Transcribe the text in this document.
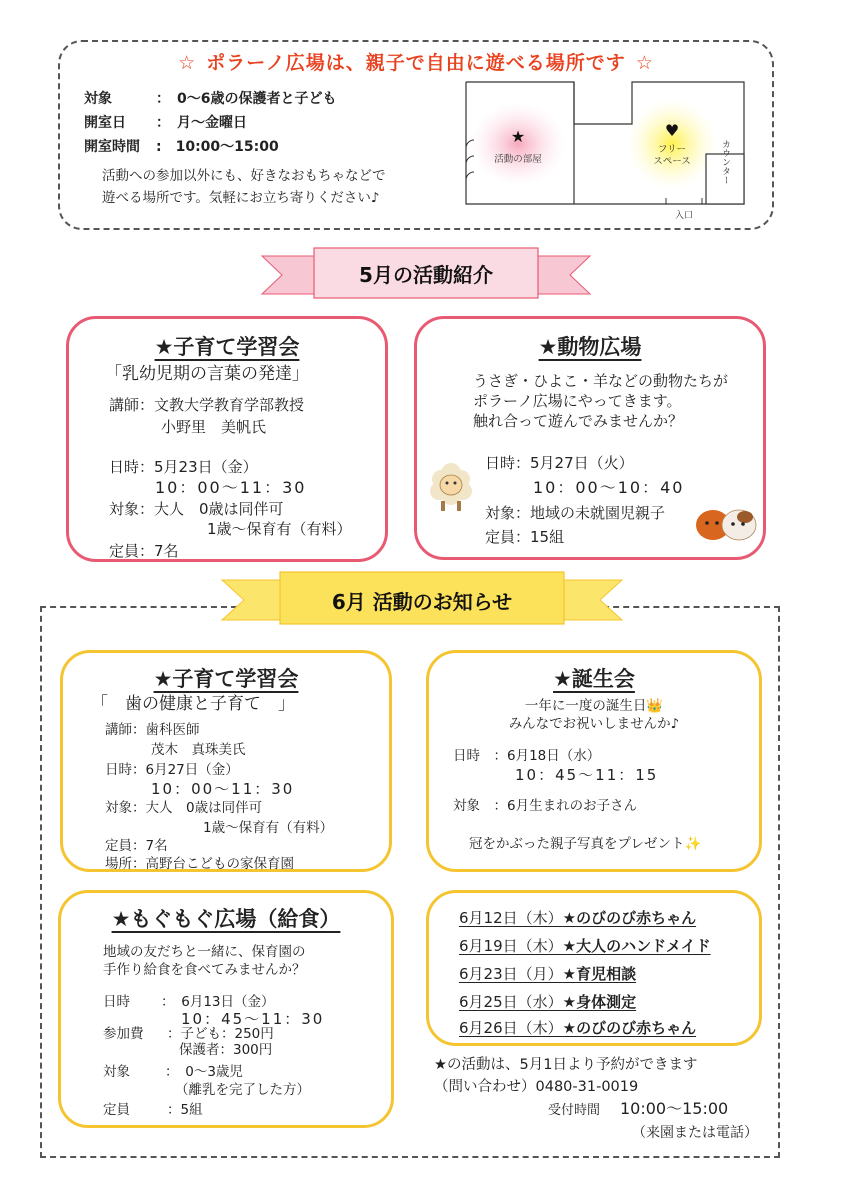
☆ ポラーノ広場は、親子で自由に遊べる場所です ☆
対象	：　0～6歳の保護者と子ども
開室日 ：　月～金曜日
開室時間 :　10:00～15:00
活動への参加以外にも、好きなおもちゃなどで
遊べる場所です。気軽にお立ち寄りください♪
★
活動の部屋
♥
フリー
スペース	カウンター
入口
5月の活動紹介
★子育て学習会
「乳幼児期の言葉の発達」
講師：文教大学教育学部教授
小野里　美帆氏
日時：5月23日（金）
10：00～11：30
対象：大人　0歳は同伴可
1歳～保育有（有料）
定員：7名
★動物広場
うさぎ・ひよこ・羊などの動物たちが
ポラーノ広場にやってきます。
触れ合って遊んでみませんか？
日時：5月27日（火）
10：00～10：40
対象：地域の未就園児親子
定員：15組
6月 活動のお知らせ
★子育て学習会
「　歯の健康と子育て　」
講師：歯科医師
茂木　真珠美氏
日時：6月27日（金）
10：00～11：30
対象：大人　0歳は同伴可
1歳～保育有（有料）
定員：7名
場所：高野台こどもの家保育園
★誕生会
一年に一度の誕生日👑
みんなでお祝いしませんか♪
日時　：6月18日（水）
10：45～11：15
対象　：6月生まれのお子さん
冠をかぶった親子写真をプレゼント✨
★もぐもぐ広場（給食）
地域の友だちと一緒に、保育園の
手作り給食を食べてみませんか？
日時 ：　6月13日（金）
10：45～11：30
参加費 ：子ども：250円
保護者：300円
対象	：　0～3歳児
（離乳を完了した方）
定員	：5組
6月12日（木）★のびのび赤ちゃん
6月19日（木）★大人のハンドメイド
6月23日（月）★育児相談
6月25日（水）★身体測定
6月26日（木）★のびのび赤ちゃん
★の活動は、5月1日より予約ができます
（問い合わせ）0480-31-0019
受付時間 10:00～15:00
（来園または電話）
